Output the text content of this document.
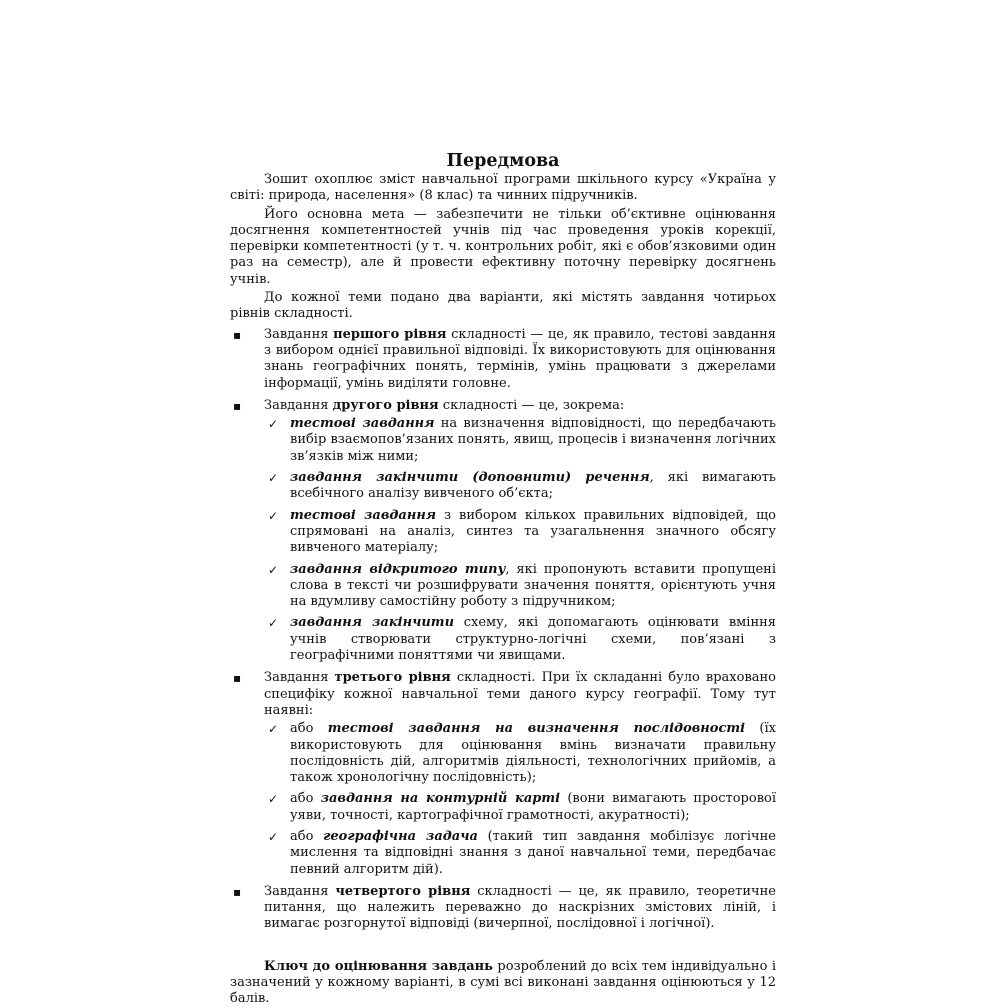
Передмова

Зошит охоплює зміст навчальної програми шкільного курсу «Україна у світі: природа, населення» (8 клас) та чинних підручників.

Його основна мета — забезпечити не тільки об’єктивне оцінювання досягнення компетентностей учнів під час проведення уроків корекції, перевірки компетентності (у т. ч. контрольних робіт, які є обов’язковими один раз на семестр), але й провести ефективну поточну перевірку досягнень учнів.

До кожної теми подано два варіанти, які містять завдання чотирьох рівнів складності.

▪ Завдання першого рівня складності — це, як правило, тестові завдання з вибором однієї правильної відповіді. Їх використовують для оцінювання знань географічних понять, термінів, умінь працювати з джерелами інформації, умінь виділяти головне.
▪ Завдання другого рівня складності — це, зокрема:
✓ тестові завдання на визначення відповідності, що передбачають вибір взаємопов’язаних понять, явищ, процесів і визначення логічних зв’язків між ними;
✓ завдання закінчити (доповнити) речення, які вимагають всебічного аналізу вивченого об’єкта;
✓ тестові завдання з вибором кількох правильних відповідей, що спрямовані на аналіз, синтез та узагальнення значного обсягу вивченого матеріалу;
✓ завдання відкритого типу, які пропонують вставити пропущені слова в тексті чи розшифрувати значення поняття, орієнтують учня на вдумливу самостійну роботу з підручником;
✓ завдання закінчити схему, які допомагають оцінювати вміння учнів створювати структурно-логічні схеми, пов’язані з географічними поняттями чи явищами.
▪ Завдання третього рівня складності. При їх складанні було враховано специфіку кожної навчальної теми даного курсу географії. Тому тут наявні:
✓ або тестові завдання на визначення послідовності (їх використовують для оцінювання вмінь визначати правильну послідовність дій, алгоритмів діяльності, технологічних прийомів, а також хронологічну послідовність);
✓ або завдання на контурній карті (вони вимагають просторової уяви, точності, картографічної грамотності, акуратності);
✓ або географічна задача (такий тип завдання мобілізує логічне мислення та відповідні знання з даної навчальної теми, передбачає певний алгоритм дій).
▪ Завдання четвертого рівня складності — це, як правило, теоретичне питання, що належить переважно до наскрізних змістових ліній, і вимагає розгорнутої відповіді (вичерпної, послідовної і логічної).

Ключ до оцінювання завдань розроблений до всіх тем індивідуально і зазначений у кожному варіанті, в сумі всі виконані завдання оцінюються у 12 балів.
